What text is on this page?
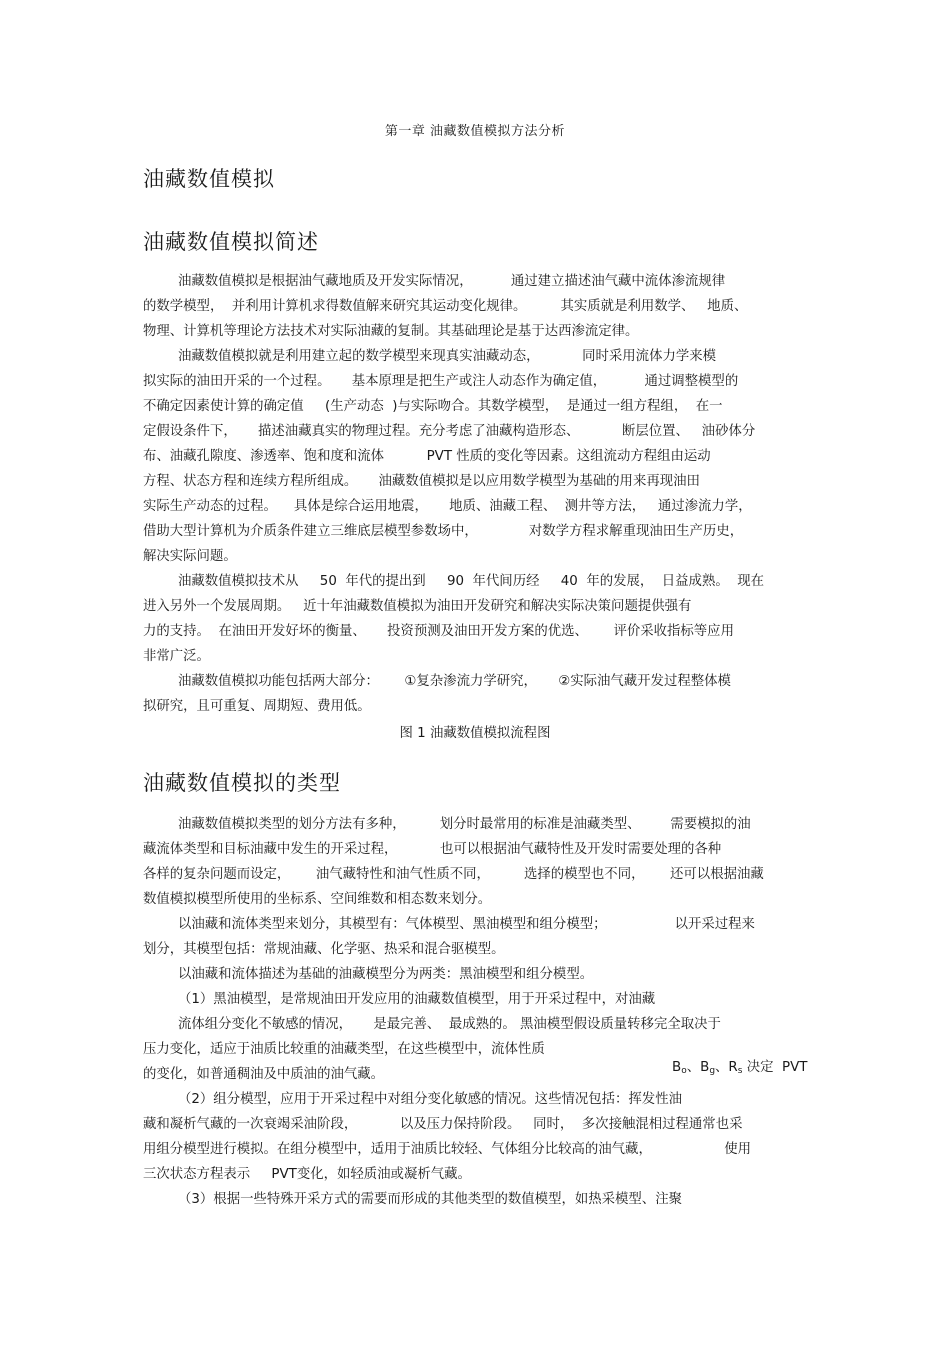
第一章 油藏数值模拟方法分析
油藏数值模拟
油藏数值模拟简述
油藏数值模拟是根据油气藏地质及开发实际情况，         通过建立描述油气藏中流体渗流规律
的数学模型，  并利用计算机求得数值解来研究其运动变化规律。        其实质就是利用数学、   地质、
物理、计算机等理论方法技术对实际油藏的复制。其基础理论是基于达西渗流定律。
油藏数值模拟就是利用建立起的数学模型来现真实油藏动态，          同时采用流体力学来模
拟实际的油田开采的一个过程。     基本原理是把生产或注人动态作为确定值，         通过调整模型的
不确定因素使计算的确定值     (生产动态  )与实际吻合。其数学模型，  是通过一组方程组，  在一
定假设条件下，     描述油藏真实的物理过程。充分考虑了油藏构造形态、          断层位置、   油砂体分
布、油藏孔隙度、渗透率、饱和度和流体          PVT 性质的变化等因素。这组流动方程组由运动
方程、状态方程和连续方程所组成。     油藏数值模拟是以应用数学模型为基础的用来再现油田
实际生产动态的过程。    具体是综合运用地震，     地质、油藏工程、  测井等方法，   通过渗流力学，
借助大型计算机为介质条件建立三维底层模型参数场中，            对数学方程求解重现油田生产历史，
解决实际问题。
油藏数值模拟技术从     50  年代的提出到     90  年代间历经     40  年的发展，  日益成熟。  现在
进入另外一个发展周期。   近十年油藏数值模拟为油田开发研究和解决实际决策问题提供强有
力的支持。  在油田开发好坏的衡量、     投资预测及油田开发方案的优选、      评价采收指标等应用
非常广泛。
油藏数值模拟功能包括两大部分：      ①复杂渗流力学研究，     ②实际油气藏开发过程整体模
拟研究，且可重复、周期短、费用低。
图 1 油藏数值模拟流程图
油藏数值模拟的类型
油藏数值模拟类型的划分方法有多种，        划分时最常用的标准是油藏类型、       需要模拟的油
藏流体类型和目标油藏中发生的开采过程，          也可以根据油气藏特性及开发时需要处理的各种
各样的复杂问题而设定，      油气藏特性和油气性质不同，        选择的模型也不同，      还可以根据油藏
数值模拟模型所使用的坐标系、空间维数和相态数来划分。
以油藏和流体类型来划分，其模型有：气体模型、黑油模型和组分模型；                以开采过程来
划分，其模型包括：常规油藏、化学驱、热采和混合驱模型。
以油藏和流体描述为基础的油藏模型分为两类：黑油模型和组分模型。
（1）黑油模型，是常规油田开发应用的油藏数值模型，用于开采过程中，对油藏
流体组分变化不敏感的情况，     是最完善、  最成熟的。 黑油模型假设质量转移完全取决于
压力变化，适应于油质比较重的油藏类型，在这些模型中，流体性质

$B_o$、$B_g$、$R_s$ 决定  PVT

的变化，如普通稠油及中质油的油气藏。
（2）组分模型，应用于开采过程中对组分变化敏感的情况。这些情况包括：挥发性油
藏和凝析气藏的一次衰竭采油阶段，          以及压力保持阶段。   同时，  多次接触混相过程通常也采
用组分模型进行模拟。在组分模型中，适用于油质比较轻、气体组分比较高的油气藏，                 使用
三次状态方程表示     PVT变化，如轻质油或凝析气藏。
（3）根据一些特殊开采方式的需要而形成的其他类型的数值模型，如热采模型、注聚
